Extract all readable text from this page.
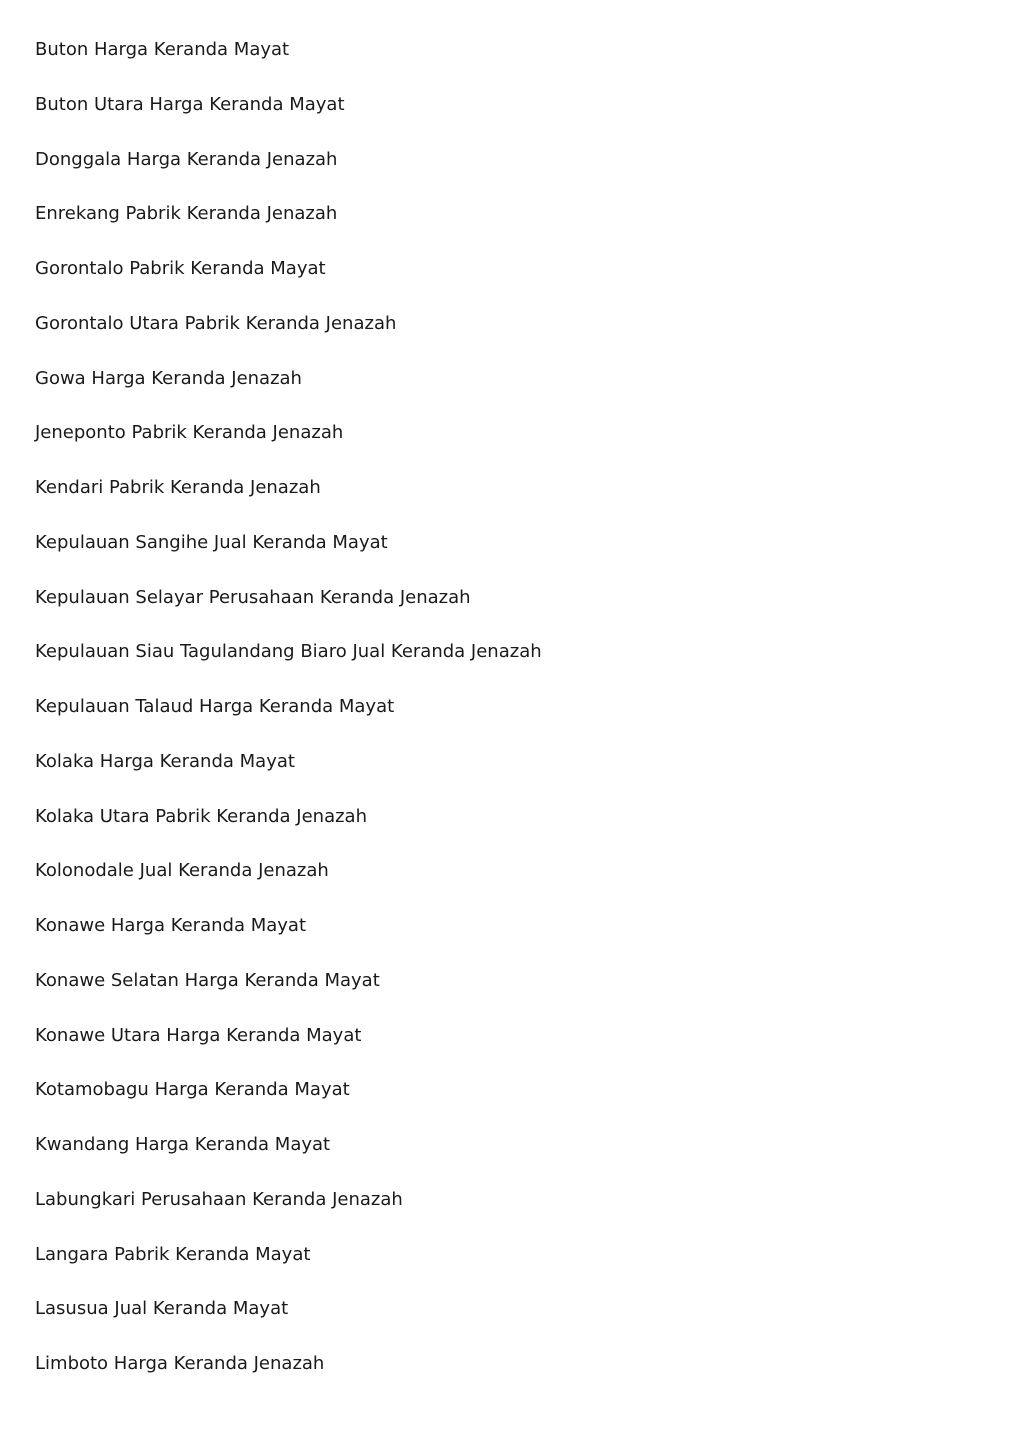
Buton Harga Keranda Mayat
Buton Utara Harga Keranda Mayat
Donggala Harga Keranda Jenazah
Enrekang Pabrik Keranda Jenazah
Gorontalo Pabrik Keranda Mayat
Gorontalo Utara Pabrik Keranda Jenazah
Gowa Harga Keranda Jenazah
Jeneponto Pabrik Keranda Jenazah
Kendari Pabrik Keranda Jenazah
Kepulauan Sangihe Jual Keranda Mayat
Kepulauan Selayar Perusahaan Keranda Jenazah
Kepulauan Siau Tagulandang Biaro Jual Keranda Jenazah
Kepulauan Talaud Harga Keranda Mayat
Kolaka Harga Keranda Mayat
Kolaka Utara Pabrik Keranda Jenazah
Kolonodale Jual Keranda Jenazah
Konawe Harga Keranda Mayat
Konawe Selatan Harga Keranda Mayat
Konawe Utara Harga Keranda Mayat
Kotamobagu Harga Keranda Mayat
Kwandang Harga Keranda Mayat
Labungkari Perusahaan Keranda Jenazah
Langara Pabrik Keranda Mayat
Lasusua Jual Keranda Mayat
Limboto Harga Keranda Jenazah
